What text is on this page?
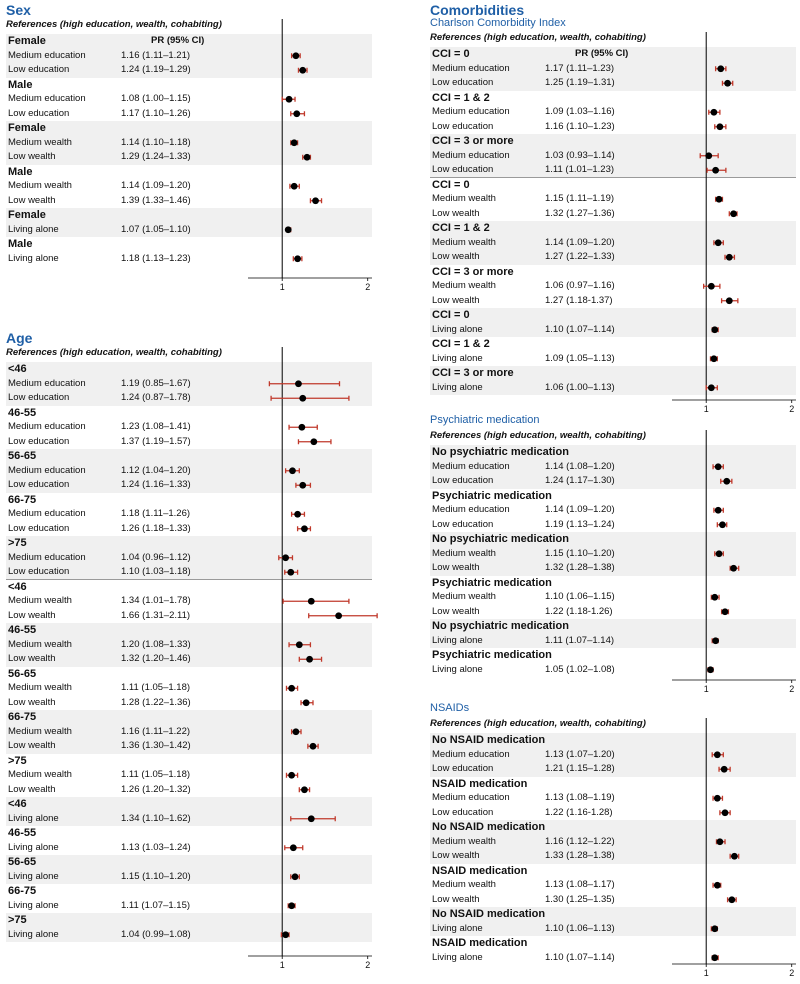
Sex
References (high education, wealth, cohabiting)
Female	PR (95% CI)
Medium education	1.16 (1.11–1.21)
Low education	1.24 (1.19–1.29)
Male
Medium education	1.08 (1.00–1.15)
Low education	1.17 (1.10–1.26)
Female
Medium wealth	1.14 (1.10–1.18)
Low wealth	1.29 (1.24–1.33)
Male
Medium wealth	1.14 (1.09–1.20)
Low wealth	1.39 (1.33–1.46)
Female
Living alone	1.07 (1.05–1.10)
Male
Living alone	1.18 (1.13–1.23)
1	2
Age
References (high education, wealth, cohabiting)
<46
Medium education	1.19 (0.85–1.67)
Low education	1.24 (0.87–1.78)
46-55
Medium education	1.23 (1.08–1.41)
Low education	1.37 (1.19–1.57)
56-65
Medium education	1.12 (1.04–1.20)
Low education	1.24 (1.16–1.33)
66-75
Medium education	1.18 (1.11–1.26)
Low education	1.26 (1.18–1.33)
>75
Medium education	1.04 (0.96–1.12)
Low education	1.10 (1.03–1.18)
<46
Medium wealth	1.34 (1.01–1.78)
Low wealth	1.66 (1.31–2.11)
46-55
Medium wealth	1.20 (1.08–1.33)
Low wealth	1.32 (1.20–1.46)
56-65
Medium wealth	1.11 (1.05–1.18)
Low wealth	1.28 (1.22–1.36)
66-75
Medium wealth	1.16 (1.11–1.22)
Low wealth	1.36 (1.30–1.42)
>75
Medium wealth	1.11 (1.05–1.18)
Low wealth	1.26 (1.20–1.32)
<46
Living alone	1.34 (1.10–1.62)
46-55
Living alone	1.13 (1.03–1.24)
56-65
Living alone	1.15 (1.10–1.20)
66-75
Living alone	1.11 (1.07–1.15)
>75
Living alone	1.04 (0.99–1.08)
1	2
Comorbidities
Charlson Comorbidity Index
References (high education, wealth, cohabiting)
CCI = 0	PR (95% CI)
Medium education	1.17 (1.11–1.23)
Low education	1.25 (1.19–1.31)
CCI = 1 & 2
Medium education	1.09 (1.03–1.16)
Low education	1.16 (1.10–1.23)
CCI = 3 or more
Medium education	1.03 (0.93–1.14)
Low education	1.11 (1.01–1.23)
CCI = 0
Medium wealth	1.15 (1.11–1.19)
Low wealth	1.32 (1.27–1.36)
CCI = 1 & 2
Medium wealth	1.14 (1.09–1.20)
Low wealth	1.27 (1.22–1.33)
CCI = 3 or more
Medium wealth	1.06 (0.97–1.16)
Low wealth	1.27 (1.18-1.37)
CCI = 0
Living alone	1.10 (1.07–1.14)
CCI = 1 & 2
Living alone	1.09 (1.05–1.13)
CCI = 3 or more
Living alone	1.06 (1.00–1.13)
1	2
Psychiatric medication
References (high education, wealth, cohabiting)
No psychiatric medication
Medium education	1.14 (1.08–1.20)
Low education	1.24 (1.17–1.30)
Psychiatric medication
Medium education	1.14 (1.09–1.20)
Low education	1.19 (1.13–1.24)
No psychiatric medication
Medium wealth	1.15 (1.10–1.20)
Low wealth	1.32 (1.28–1.38)
Psychiatric medication
Medium wealth	1.10 (1.06–1.15)
Low wealth	1.22 (1.18-1.26)
No psychiatric medication
Living alone	1.11 (1.07–1.14)
Psychiatric medication
Living alone	1.05 (1.02–1.08)
1	2
NSAIDs
References (high education, wealth, cohabiting)
No NSAID medication
Medium education	1.13 (1.07–1.20)
Low education	1.21 (1.15–1.28)
NSAID medication
Medium education	1.13 (1.08–1.19)
Low education	1.22 (1.16-1.28)
No NSAID medication
Medium wealth	1.16 (1.12–1.22)
Low wealth	1.33 (1.28–1.38)
NSAID medication
Medium wealth	1.13 (1.08–1.17)
Low wealth	1.30 (1.25–1.35)
No NSAID medication
Living alone	1.10 (1.06–1.13)
NSAID medication
Living alone	1.10 (1.07–1.14)
1	2
